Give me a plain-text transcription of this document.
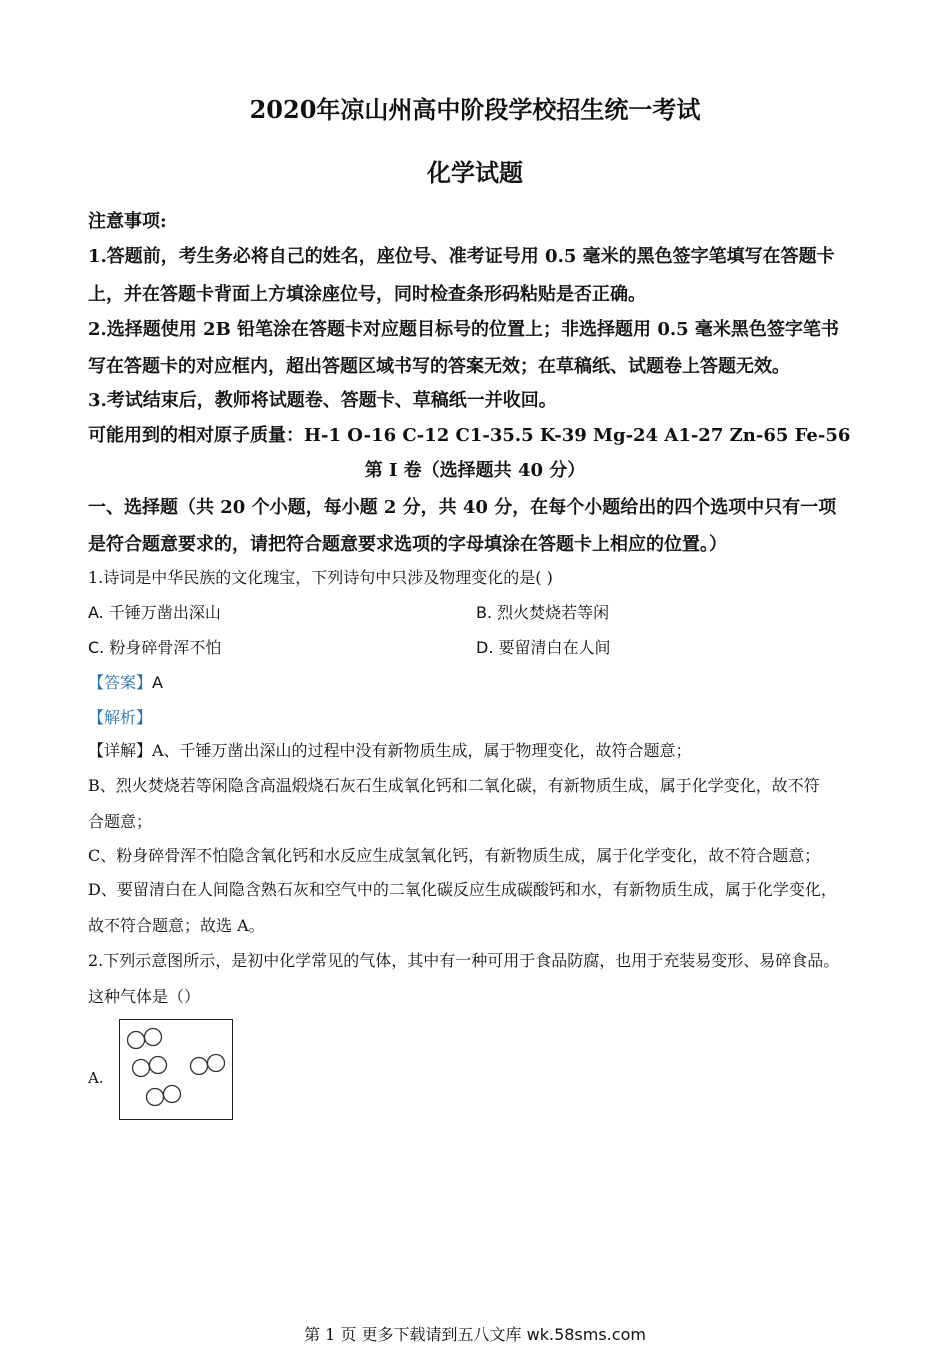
2020年凉山州高中阶段学校招生统一考试
化学试题
注意事项:
1.答题前，考生务必将自己的姓名，座位号、准考证号用 0.5 毫米的黑色签字笔填写在答题卡
上，并在答题卡背面上方填涂座位号，同时检查条形码粘贴是否正确。
2.选择题使用 2B 铅笔涂在答题卡对应题目标号的位置上；非选择题用 0.5 毫米黑色签字笔书
写在答题卡的对应框内，超出答题区域书写的答案无效；在草稿纸、试题卷上答题无效。
3.考试结束后，教师将试题卷、答题卡、草稿纸一并收回。
可能用到的相对原子质量：H-1 O-16 C-12 C1-35.5 K-39 Mg-24 A1-27 Zn-65 Fe-56
第 I 卷（选择题共 40 分）
一、选择题（共 20 个小题，每小题 2 分，共 40 分，在每个小题给出的四个选项中只有一项
是符合题意要求的，请把符合题意要求选项的字母填涂在答题卡上相应的位置。）
1.诗词是中华民族的文化瑰宝，下列诗句中只涉及物理变化的是( )
A. 千锤万凿出深山	B. 烈火焚烧若等闲
C. 粉身碎骨浑不怕	D. 要留清白在人间
【答案】A
【解析】
【详解】A、千锤万凿出深山的过程中没有新物质生成，属于物理变化，故符合题意；
B、烈火焚烧若等闲隐含高温煅烧石灰石生成氧化钙和二氧化碳，有新物质生成，属于化学变化，故不符
合题意；
C、粉身碎骨浑不怕隐含氧化钙和水反应生成氢氧化钙，有新物质生成，属于化学变化，故不符合题意；
D、要留清白在人间隐含熟石灰和空气中的二氧化碳反应生成碳酸钙和水，有新物质生成，属于化学变化，
故不符合题意；故选 A。
2.下列示意图所示，是初中化学常见的气体，其中有一种可用于食品防腐，也用于充装易变形、易碎食品。
这种气体是（）
A.
第 1 页 更多下载请到五八文库 wk.58sms.com
